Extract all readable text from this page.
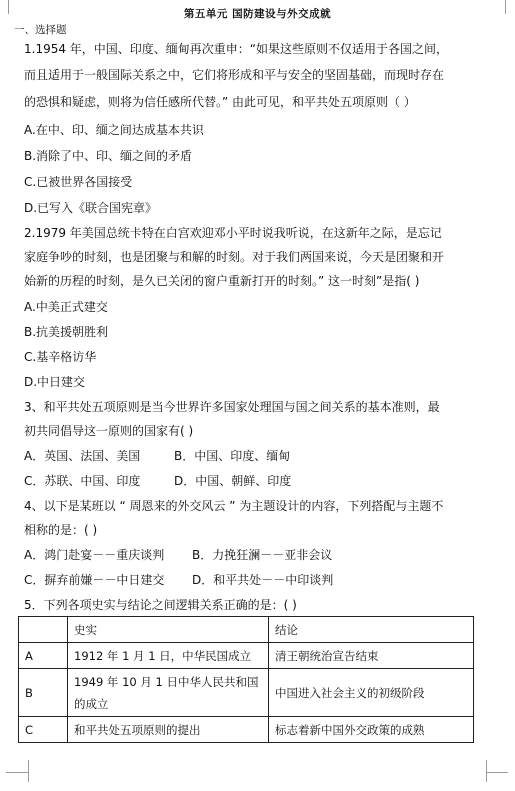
第五单元 国防建设与外交成就
一、选择题
1.1954 年，中国、印度、缅甸再次重申：“如果这些原则不仅适用于各国之间，
而且适用于一般国际关系之中，它们将形成和平与安全的坚固基础，而现时存在
的恐惧和疑虑，则将为信任感所代替。” 由此可见，和平共处五项原则（ ）
A.在中、印、缅之间达成基本共识
B.消除了中、印、缅之间的矛盾
C.已被世界各国接受
D.已写入《联合国宪章》
2.1979 年美国总统卡特在白宫欢迎邓小平时说我听说，在这新年之际，是忘记
家庭争吵的时刻，也是团聚与和解的时刻。对于我们两国来说，今天是团聚和开
始新的历程的时刻，是久已关闭的窗户重新打开的时刻。” 这一时刻”是指( )
A.中美正式建交
B.抗美援朝胜利
C.基辛格访华
D.中日建交
3、和平共处五项原则是当今世界许多国家处理国与国之间关系的基本准则，最
初共同倡导这一原则的国家有( )
A．英国、法国、美国	B．中国、印度、缅甸
C．苏联、中国、印度	D．中国、朝鲜、印度
4、以下是某班以 “ 周恩来的外交风云 ” 为主题设计的内容，下列搭配与主题不
相称的是：( )
A．鸿门赴宴－－重庆谈判 B．力挽狂澜－－亚非会议
C．摒弃前嫌－－中日建交 D．和平共处－－中印谈判
5．下列各项史实与结论之间逻辑关系正确的是：( )
	史实	结论
A	1912 年 1 月 1 日，中华民国成立	清王朝统治宣告结束
B	1949 年 10 月 1 日中华人民共和国的成立	中国进入社会主义的初级阶段
C	和平共处五项原则的提出	标志着新中国外交政策的成熟
